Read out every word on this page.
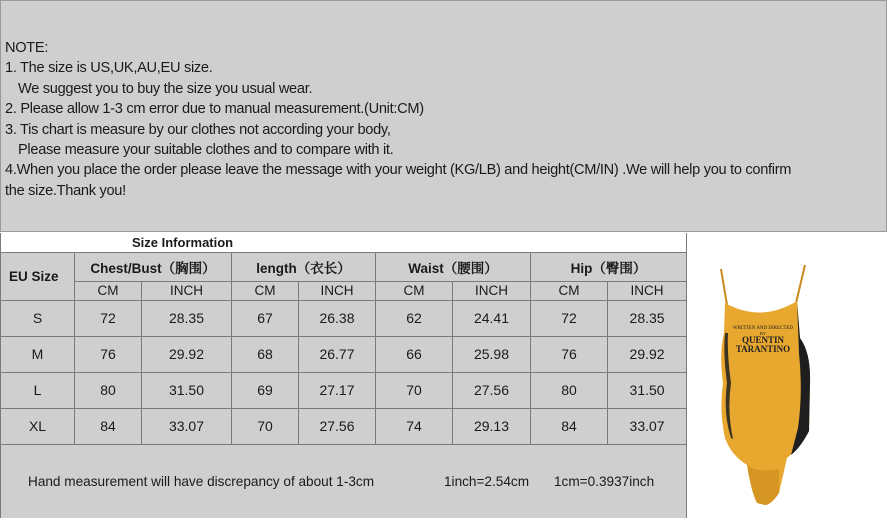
NOTE:
1. The size is US,UK,AU,EU size.
We suggest you to buy the size you usual wear.
2. Please allow 1-3 cm error due to manual measurement.(Unit:CM)
3. Tis chart is measure by our clothes not according your body,
Please measure your suitable clothes and to compare with it.
4.When you place the order please leave the message with your weight (KG/LB) and height(CM/IN) .We will help you to confirm
the size.Thank you!
Size Information								
EU Size	Chest/Bust（胸围）		length（衣长）		Waist（腰围）		Hip（臀围）	
	CM	INCH	CM	INCH	CM	INCH	CM	INCH
S	72	28.35	67	26.38	62	24.41	72	28.35
M	76	29.92	68	26.77	66	25.98	76	29.92
L	80	31.50	69	27.17	70	27.56	80	31.50
XL	84	33.07	70	27.56	74	29.13	84	33.07

Hand measurement will have discrepancy of about 1-3cm 1inch=2.54cm 1cm=0.3937inch								
WRITTEN AND DIRECTED
BY
QUENTIN
TARANTINO
